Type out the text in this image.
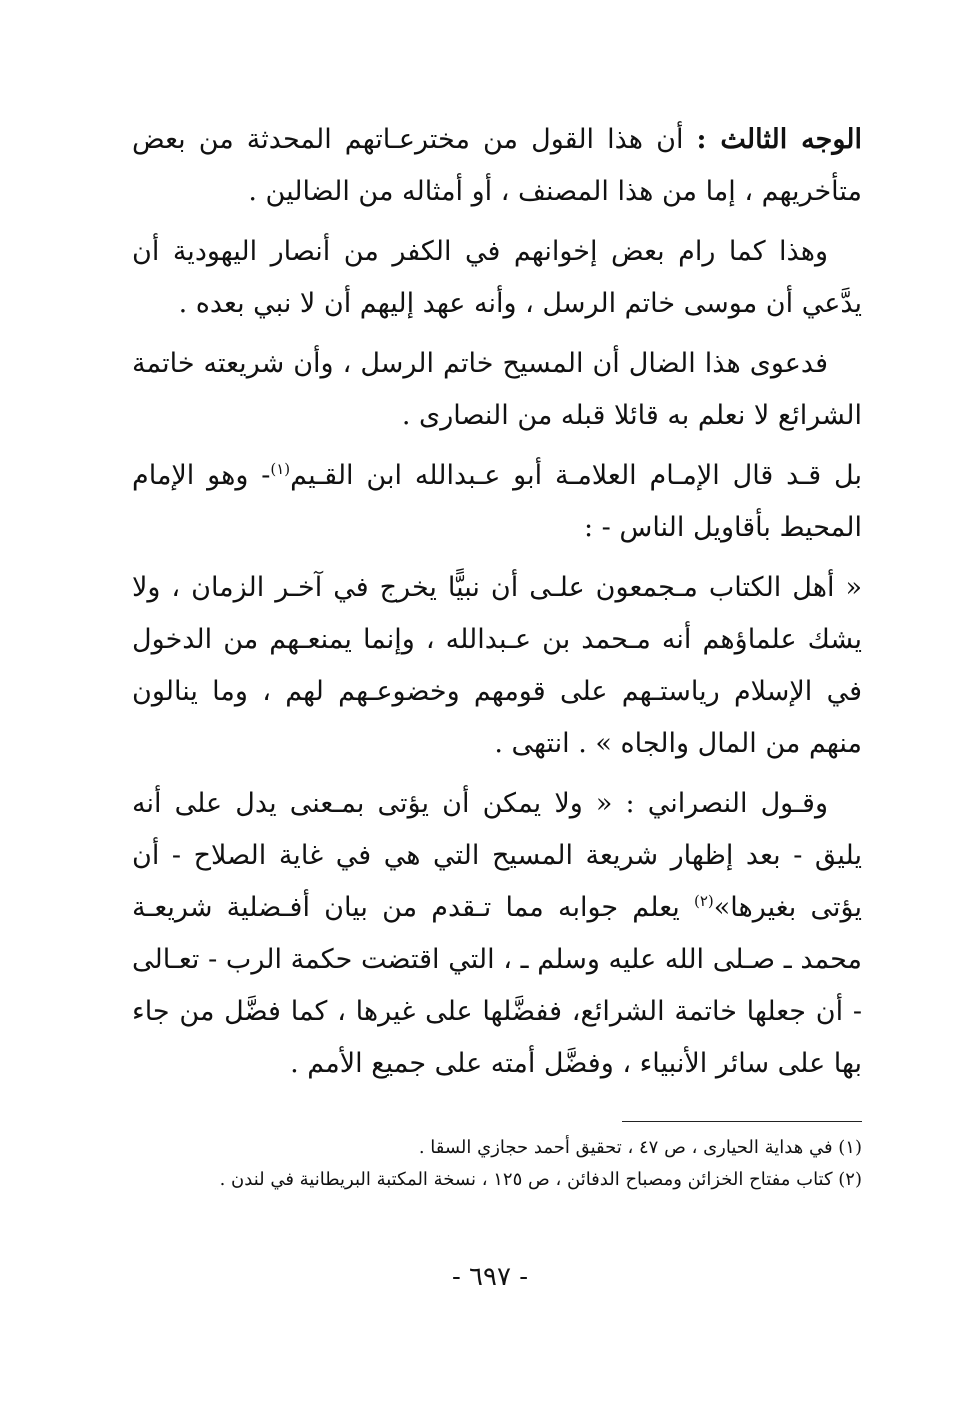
الوجه الثالث : أن هذا القول من مخترعـاتهم المحدثة من بعض متأخريهم ، إما من هذا المصنف ، أو أمثاله من الضالين .

وهذا كما رام بعض إخوانهم في الكفر من أنصار اليهودية أن يدَّعي أن موسى خاتم الرسل ، وأنه عهد إليهم أن لا نبي بعده .

فدعوى هذا الضال أن المسيح خاتم الرسل ، وأن شريعته خاتمة الشرائع لا نعلم به قائلا قبله من النصارى .

بل قـد قال الإمـام العلامـة أبو عـبدالله ابن القـيم$^{(١)}$- وهو الإمام المحيط بأقاويل الناس - :

« أهل الكتاب مـجمعون علـى أن نبيًّا يخرج في آخـر الزمان ، ولا يشك علماؤهم أنه مـحمد بن عـبدالله ، وإنما يمنعـهم من الدخول في الإسلام رياستـهم على قومهم وخضوعـهم لهم ، وما ينالون منهم من المال والجاه » . انتهى .

وقـول النصراني : « ولا يمكن أن يؤتى بمـعنى يدل على أنه يليق - بعد إظهار شريعة المسيح التي هي في غاية الصلاح - أن يؤتى بغيرها»$^{(٢)}$ يعلم جوابه مما تـقدم من بيان أفـضلية شريعـة محمد ـ صـلى الله عليه وسلم ـ ، التي اقتضت حكمة الرب - تعـالى - أن جعلها خاتمة الشرائع، ففضَّلها على غيرها ، كما فضَّل من جاء بها على سائر الأنبياء ، وفضَّل أمته على جميع الأمم .

(١) في هداية الحيارى ، ص ٤٧ ، تحقيق أحمد حجازي السقا .

(٢) كتاب مفتاح الخزائن ومصباح الدفائن ، ص ١٢٥ ، نسخة المكتبة البريطانية في لندن .

- ٦٩٧ -
